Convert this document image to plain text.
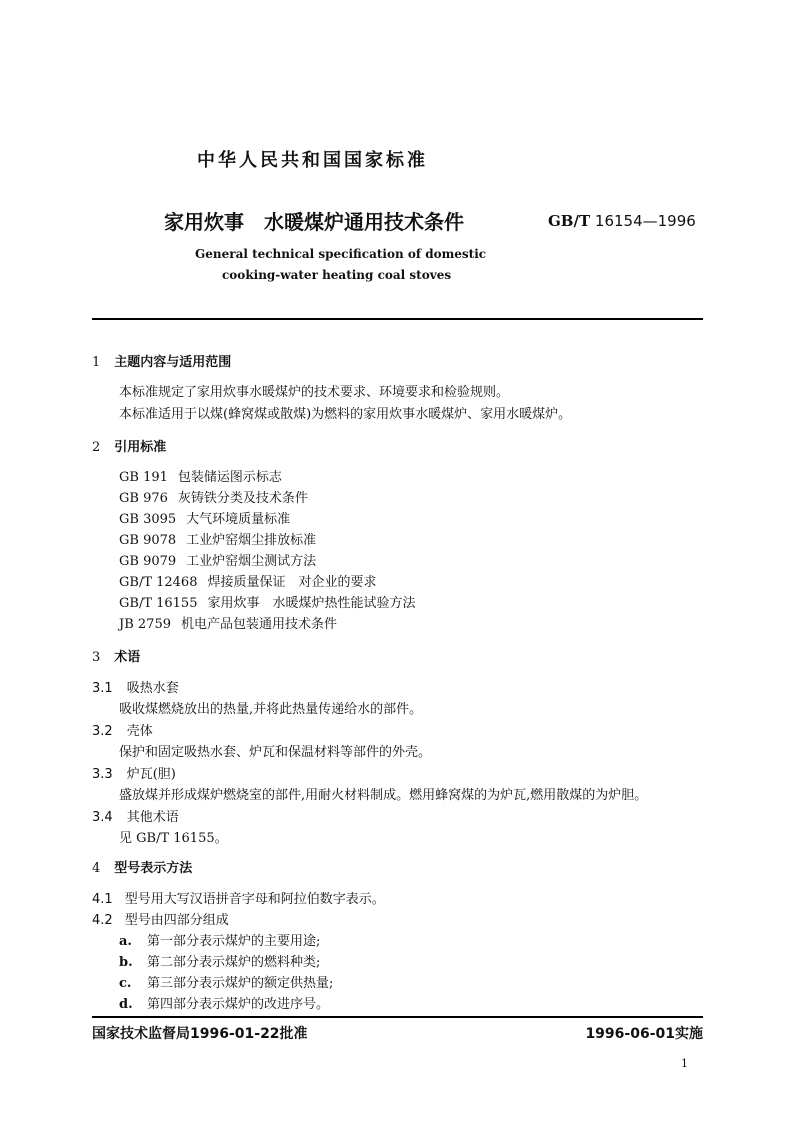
中华人民共和国国家标准
家用炊事　水暖煤炉通用技术条件	GB/T 16154—1996
General technical specification of domestic
cooking-water heating coal stoves
1 主题内容与适用范围
本标准规定了家用炊事水暖煤炉的技术要求、环境要求和检验规则。
本标准适用于以煤(蜂窝煤或散煤)为燃料的家用炊事水暖煤炉、家用水暖煤炉。
2 引用标准
GB 191 包装储运图示标志
GB 976 灰铸铁分类及技术条件
GB 3095 大气环境质量标准
GB 9078 工业炉窑烟尘排放标准
GB 9079 工业炉窑烟尘测试方法
GB/T 12468 焊接质量保证　对企业的要求
GB/T 16155 家用炊事　水暖煤炉热性能试验方法
JB 2759 机电产品包装通用技术条件
3 术语
3.1 吸热水套
吸收煤燃烧放出的热量,并将此热量传递给水的部件。
3.2 壳体
保护和固定吸热水套、炉瓦和保温材料等部件的外壳。
3.3 炉瓦(胆)
盛放煤并形成煤炉燃烧室的部件,用耐火材料制成。燃用蜂窝煤的为炉瓦,燃用散煤的为炉胆。
3.4 其他术语
见 GB/T 16155。
4 型号表示方法
4.1 型号用大写汉语拼音字母和阿拉伯数字表示。
4.2 型号由四部分组成
a. 第一部分表示煤炉的主要用途;
b. 第二部分表示煤炉的燃料种类;
c. 第三部分表示煤炉的额定供热量;
d. 第四部分表示煤炉的改进序号。
国家技术监督局1996-01-22批准	1996-06-01实施
1
